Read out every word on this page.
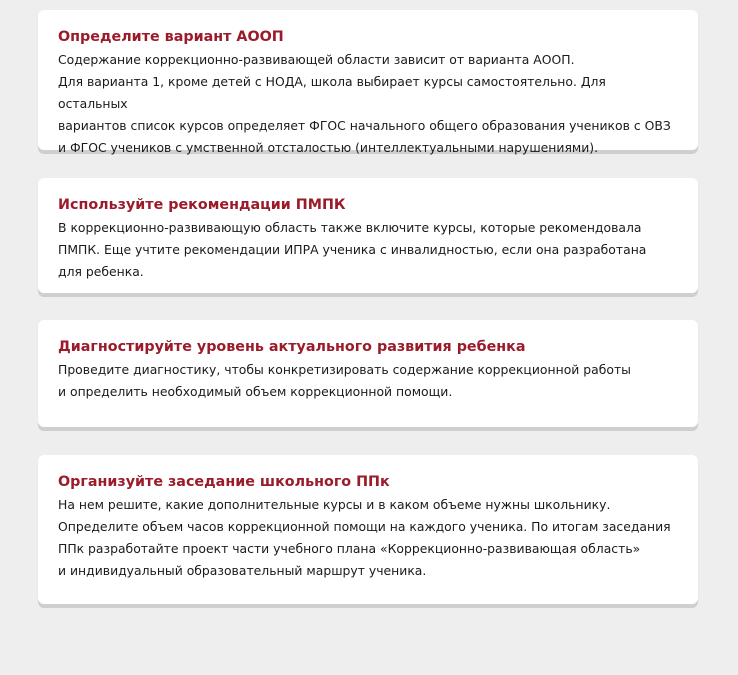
Определите вариант АООП

Содержание коррекционно-развивающей области зависит от варианта АООП.
Для варианта 1, кроме детей с НОДА, школа выбирает курсы самостоятельно. Для остальных
вариантов список курсов определяет ФГОС начального общего образования учеников с ОВЗ
и ФГОС учеников с умственной отсталостью (интеллектуальными нарушениями).

Используйте рекомендации ПМПК

В коррекционно-развивающую область также включите курсы, которые рекомендовала
ПМПК. Еще учтите рекомендации ИПРА ученика с инвалидностью, если она разработана
для ребенка.

Диагностируйте уровень актуального развития ребенка

Проведите диагностику, чтобы конкретизировать содержание коррекционной работы
и определить необходимый объем коррекционной помощи.

Организуйте заседание школьного ППк

На нем решите, какие дополнительные курсы и в каком объеме нужны школьнику.
Определите объем часов коррекционной помощи на каждого ученика. По итогам заседания
ППк разработайте проект части учебного плана «Коррекционно-развивающая область»
и индивидуальный образовательный маршрут ученика.
